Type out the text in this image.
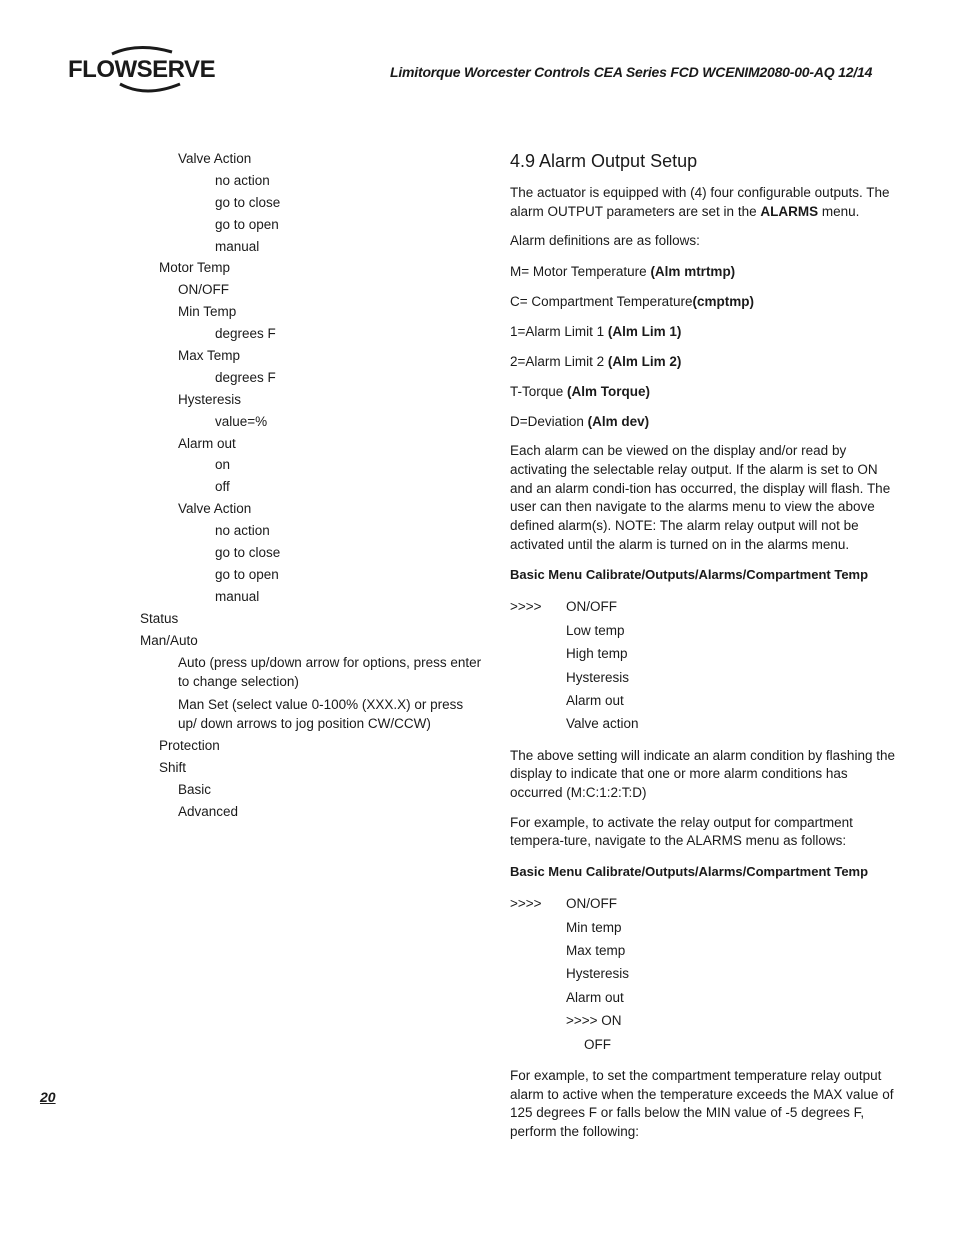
FLOWSERVE	Limitorque Worcester Controls CEA Series FCD WCENIM2080-00-AQ 12/14
Valve Action
no action
go to close
go to open
manual
Motor Temp
ON/OFF
Min Temp
degrees F
Max Temp
degrees F
Hysteresis
value=%
Alarm out
on
off
Valve Action
no action
go to close
go to open
manual
Status
Man/Auto
Auto (press up/down arrow for options, press enter to change selection)
Man Set (select value 0-100% (XXX.X) or press up/ down arrows to jog position CW/CCW)
Protection
Shift
Basic
Advanced
4.9 Alarm Output Setup

The actuator is equipped with (4) four configurable outputs. The alarm OUTPUT parameters are set in the ALARMS menu.

Alarm definitions are as follows:

M= Motor Temperature (Alm mtrtmp)
C= Compartment Temperature(cmptmp)
1=Alarm Limit 1 (Alm Lim 1)
2=Alarm Limit 2 (Alm Lim 2)
T-Torque (Alm Torque)
D=Deviation (Alm dev)

Each alarm can be viewed on the display and/or read by activating the selectable relay output. If the alarm is set to ON and an alarm condi-tion has occurred, the display will flash. The user can then navigate to the alarms menu to view the above defined alarm(s). NOTE: The alarm relay output will not be activated until the alarm is turned on in the alarms menu.

Basic Menu Calibrate/Outputs/Alarms/Compartment Temp
>>>> ON/OFF
Low temp
High temp
Hysteresis
Alarm out
Valve action

The above setting will indicate an alarm condition by flashing the display to indicate that one or more alarm conditions has occurred (M:C:1:2:T:D)

For example, to activate the relay output for compartment tempera-ture, navigate to the ALARMS menu as follows:

Basic Menu Calibrate/Outputs/Alarms/Compartment Temp
>>>> ON/OFF
Min temp
Max temp
Hysteresis
Alarm out
>>>> ON
OFF

For example, to set the compartment temperature relay output alarm to active when the temperature exceeds the MAX value of 125 degrees F or falls below the MIN value of -5 degrees F, perform the following:

20
